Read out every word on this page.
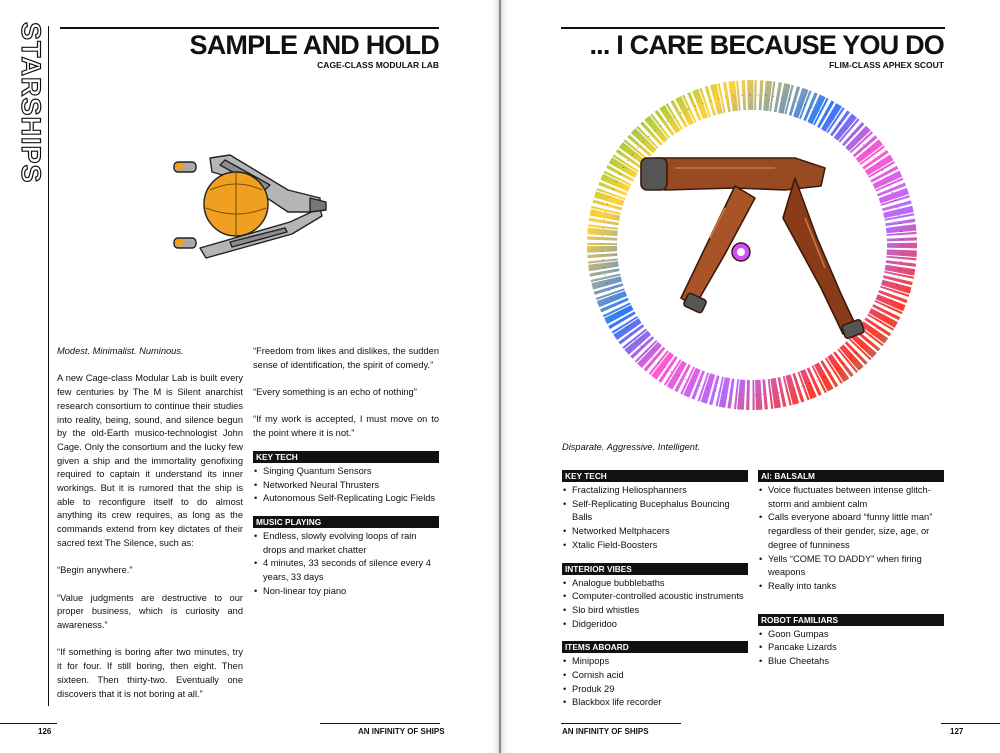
STARSHIPS	SAMPLE AND HOLD
CAGE-CLASS MODULAR LAB

Modest. Minimalist. Numinous.

A new Cage-class Modular Lab is built every few centuries by The M is Silent anarchist research consortium to continue their studies into reality, being, sound, and silence begun by the old-Earth musico-technologist John Cage. Only the consortium and the lucky few given a ship and the immortality genofixing required to captain it understand its inner workings. But it is rumored that the ship is able to reconfigure itself to do almost anything its crew requires, as long as the commands extend from key dictates of their sacred text The Silence, such as:

“Begin anywhere.”

“Value judgments are destructive to our proper business, which is curiosity and awareness.”

“If something is boring after two minutes, try it for four. If still boring, then eight. Then sixteen. Then thirty-two. Eventually one discovers that it is not boring at all.”

“Freedom from likes and dislikes, the sudden sense of identification, the spirit of comedy.”

“Every something is an echo of nothing”

“If my work is accepted, I must move on to the point where it is not.”

KEY TECH
• Singing Quantum Sensors
• Networked Neural Thrusters
• Autonomous Self-Replicating Logic Fields
MUSIC PLAYING
• Endless, slowly evolving loops of rain drops and market chatter
• 4 minutes, 33 seconds of silence every 4 years, 33 days
• Non-linear toy piano
126	AN INFINITY OF SHIPS
... I CARE BECAUSE YOU DO
FLIM-CLASS APHEX SCOUT

Disparate. Aggressive. Intelligent.

KEY TECH
• Fractalizing Heliosphanners
• Self-Replicating Bucephalus Bouncing Balls
• Networked Meltphacers
• Xtalic Field-Boosters
INTERIOR VIBES
• Analogue bubblebaths
• Computer-controlled acoustic instruments
• Slo bird whistles
• Didgeridoo
ITEMS ABOARD
• Minipops
• Cornish acid
• Produk 29
• Blackbox life recorder
AI: BALSALM
• Voice fluctuates between intense glitch-storm and ambient calm
• Calls everyone aboard “funny little man” regardless of their gender, size, age, or degree of funniness
• Yells “COME TO DADDY” when firing weapons
• Really into tanks
ROBOT FAMILIARS
• Goon Gumpas
• Pancake Lizards
• Blue Cheetahs
AN INFINITY OF SHIPS	127
